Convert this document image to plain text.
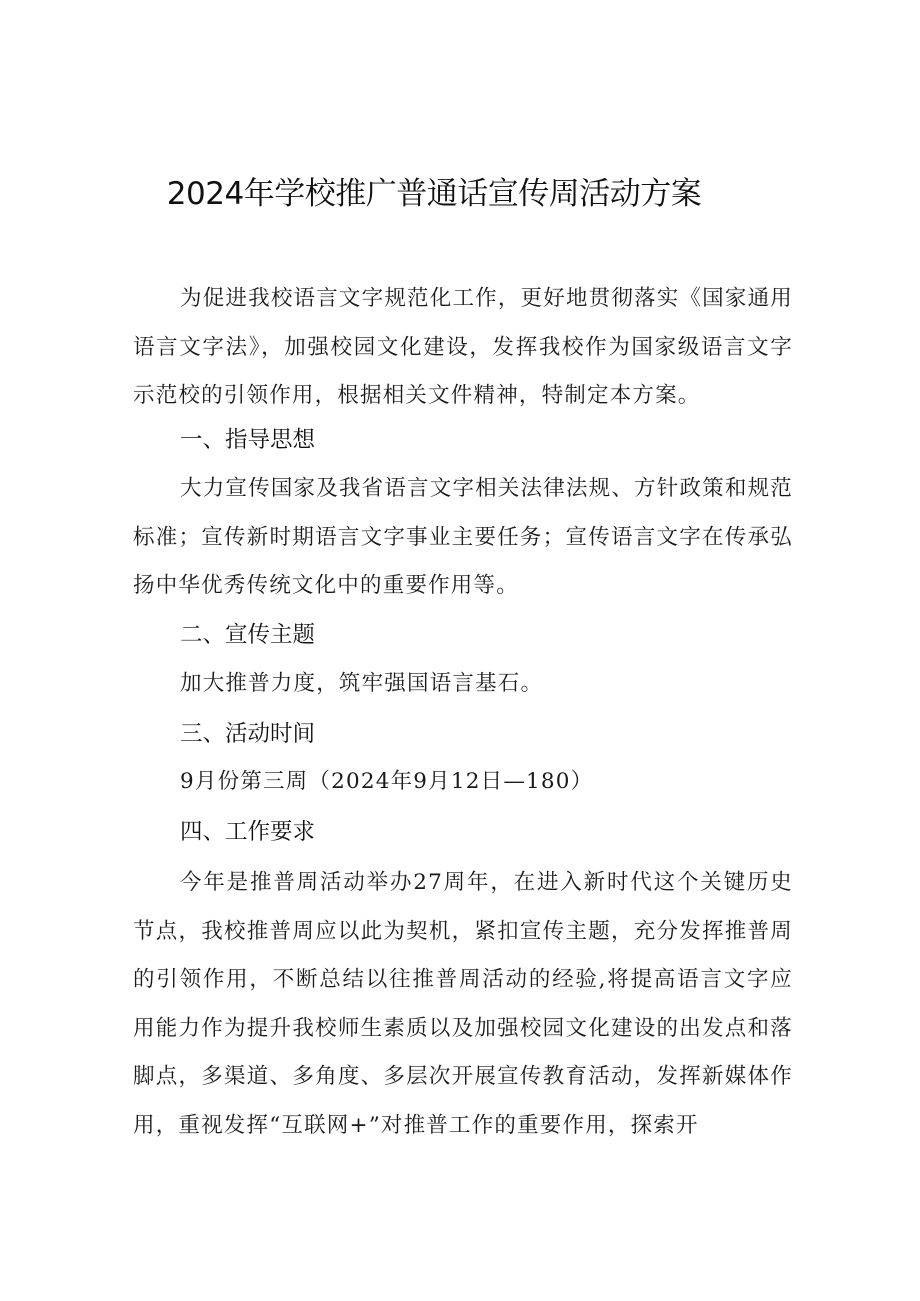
2024年学校推广普通话宣传周活动方案

为促进我校语言文字规范化工作，更好地贯彻落实《国家通用语言文字法》，加强校园文化建设，发挥我校作为国家级语言文字示范校的引领作用，根据相关文件精神，特制定本方案。

一、指导思想

大力宣传国家及我省语言文字相关法律法规、方针政策和规范标准；宣传新时期语言文字事业主要任务；宣传语言文字在传承弘扬中华优秀传统文化中的重要作用等。

二、宣传主题

加大推普力度，筑牢强国语言基石。

三、活动时间

9月份第三周（2024年9月12日—180）

四、工作要求

今年是推普周活动举办27周年，在进入新时代这个关键历史节点，我校推普周应以此为契机，紧扣宣传主题，充分发挥推普周的引领作用，不断总结以往推普周活动的经验,将提高语言文字应用能力作为提升我校师生素质以及加强校园文化建设的出发点和落脚点，多渠道、多角度、多层次开展宣传教育活动，发挥新媒体作用，重视发挥“互联网+”对推普工作的重要作用，探索开
